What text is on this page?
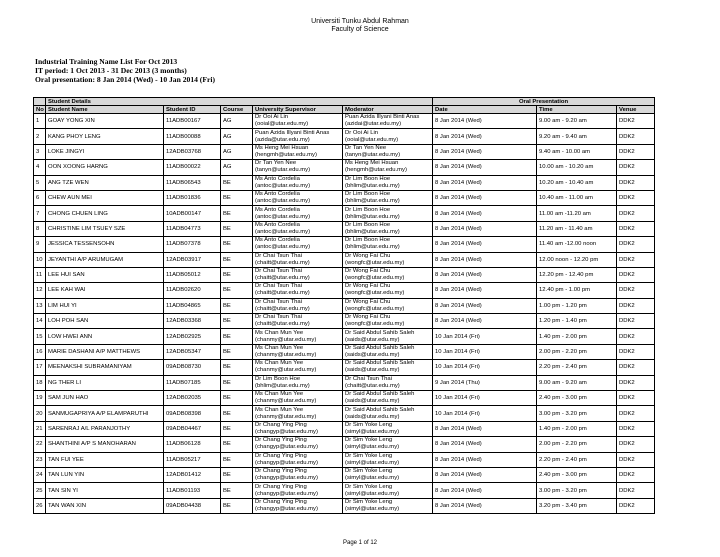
Universiti Tunku Abdul Rahman
Faculty of Science
Industrial Training Name List For Oct 2013
IT period: 1 Oct 2013 - 31 Dec 2013 (3 months)
Oral presentation: 8 Jan 2014 (Wed) - 10 Jan 2014 (Fri)
	Student Details					Oral Presentation		
No	Student Name	Student ID	Course	University Supervisor	Moderator	Date	Time	Venue
1	GOAY YONG XIN	11ADB00167	AG	Dr Ooi Ai Lin
(ooial@utar.edu.my)	Puan Azida Illyani Binti Anas
(azidai@utar.edu.my)	8 Jan 2014 (Wed)	9.00 am - 9.20 am	DDK2
2	KANG PHOY LENG	11ADB00088	AG	Puan Azida Illyani Binti Anas
(azida@utar.edu.my)	Dr Ooi Ai Lin
(ooial@utar.edu.my)	8 Jan 2014 (Wed)	9.20 am - 9.40 am	DDK2
3	LOKE JINGYI	12ADB03768	AG	Ms Heng Mei Hsuan
(hengmh@utar.edu.my)	Dr Tan Yen Nee
(tanyn@utar.edu.my)	8 Jan 2014 (Wed)	9.40 am - 10.00 am	DDK2
4	OON XOONG HARNG	11ADB00022	AG	Dr Tan Yen Nee
(tanyn@utar.edu.my)	Ms Heng Mei Hsuan
(hengmh@utar.edu.my)	8 Jan 2014 (Wed)	10.00 am - 10.20 am	DDK2
5	ANG TZE WEN	11ADB06543	BE	Ms Anto Cordelia
(antoc@utar.edu.my)	Dr Lim Boon Hoe
(bhlim@utar.edu.my)	8 Jan 2014 (Wed)	10.20 am - 10.40 am	DDK2
6	CHEW AUN MEI	11ADB01836	BE	Ms Anto Cordelia
(antoc@utar.edu.my)	Dr Lim Boon Hoe
(bhlim@utar.edu.my)	8 Jan 2014 (Wed)	10.40 am - 11.00 am	DDK2
7	CHONG CHUEN LING	10ADB00147	BE	Ms Anto Cordelia
(antoc@utar.edu.my)	Dr Lim Boon Hoe
(bhlim@utar.edu.my)	8 Jan 2014 (Wed)	11.00 am -11.20 am	DDK2
8	CHRISTINE LIM TSUEY SZE	11ADB04773	BE	Ms Anto Cordelia
(antoc@utar.edu.my)	Dr Lim Boon Hoe
(bhlim@utar.edu.my)	8 Jan 2014 (Wed)	11.20 am - 11.40 am	DDK2
9	JESSICA TESSENSOHN	11ADB07378	BE	Ms Anto Cordelia
(antoc@utar.edu.my)	Dr Lim Boon Hoe
(bhlim@utar.edu.my)	8 Jan 2014 (Wed)	11.40 am -12.00 noon	DDK2
10	JEYANTHI A/P ARUMUGAM	12ADB03917	BE	Dr Chai Tsun Thai
(chaitt@utar.edu.my)	Dr Wong Fai Chu
(wongfc@utar.edu.my)	8 Jan 2014 (Wed)	12.00 noon - 12.20 pm	DDK2
11	LEE HUI SAN	11ADB05012	BE	Dr Chai Tsun Thai
(chaitt@utar.edu.my)	Dr Wong Fai Chu
(wongfc@utar.edu.my)	8 Jan 2014 (Wed)	12.20 pm - 12.40 pm	DDK2
12	LEE KAH WAI	11ADB02620	BE	Dr Chai Tsun Thai
(chaitt@utar.edu.my)	Dr Wong Fai Chu
(wongfc@utar.edu.my)	8 Jan 2014 (Wed)	12.40 pm - 1.00 pm	DDK2
13	LIM HUI YI	11ADB04865	BE	Dr Chai Tsun Thai
(chaitt@utar.edu.my)	Dr Wong Fai Chu
(wongfc@utar.edu.my)	8 Jan 2014 (Wed)	1.00 pm - 1.20 pm	DDK2
14	LOH POH SAN	12ADB03368	BE	Dr Chai Tsun Thai
(chaitt@utar.edu.my)	Dr Wong Fai Chu
(wongfc@utar.edu.my)	8 Jan 2014 (Wed)	1.20 pm - 1.40 pm	DDK2
15	LOW HWEI ANN	12ADB02925	BE	Ms Chan Mun Yee
(chanmy@utar.edu.my)	Dr Said Abdul Sahib Saleh
(saids@utar.edu.my)	10 Jan 2014 (Fri)	1.40 pm - 2.00 pm	DDK2
16	MARIE DASHANI A/P MATTHEWS	12ADB05347	BE	Ms Chan Mun Yee
(chanmy@utar.edu.my)	Dr Said Abdul Sahib Saleh
(saids@utar.edu.my)	10 Jan 2014 (Fri)	2.00 pm - 2.20 pm	DDK2
17	MEENAKSHI SUBRAMANIYAM	09ADB08730	BE	Ms Chan Mun Yee
(chanmy@utar.edu.my)	Dr Said Abdul Sahib Saleh
(saids@utar.edu.my)	10 Jan 2014 (Fri)	2.20 pm - 2.40 pm	DDK2
18	NG THER LI	11ADB07185	BE	Dr Lim Boon Hoe
(bhlim@utar.edu.my)	Dr Chai Tsun Thai
(chaitt@utar.edu.my)	9 Jan 2014 (Thu)	9.00 am - 9.20 am	DDK2
19	SAM JUN HAO	12ADB02035	BE	Ms Chan Mun Yee
(chanmy@utar.edu.my)	Dr Said Abdul Sahib Saleh
(saids@utar.edu.my)	10 Jan 2014 (Fri)	2.40 pm - 3.00 pm	DDK2
20	SANMUGAPRIYA A/P ELAMPARUTHI	09ADB08398	BE	Ms Chan Mun Yee
(chanmy@utar.edu.my)	Dr Said Abdul Sahib Saleh
(saids@utar.edu.my)	10 Jan 2014 (Fri)	3.00 pm - 3.20 pm	DDK2
21	SARENRAJ A/L PARANJOTHY	09ADB04467	BE	Dr Chang Ying Ping
(changyp@utar.edu.my)	Dr Sim Yoke Leng
(simyl@utar.edu.my)	8 Jan 2014 (Wed)	1.40 pm - 2.00 pm	DDK2
22	SHANTHINI A/P S MANOHARAN	11ADB06128	BE	Dr Chang Ying Ping
(changyp@utar.edu.my)	Dr Sim Yoke Leng
(simyl@utar.edu.my)	8 Jan 2014 (Wed)	2.00 pm - 2.20 pm	DDK2
23	TAN FUI YEE	11ADB05217	BE	Dr Chang Ying Ping
(changyp@utar.edu.my)	Dr Sim Yoke Leng
(simyl@utar.edu.my)	8 Jan 2014 (Wed)	2.20 pm - 2.40 pm	DDK2
24	TAN LUN YIN	12ADB01412	BE	Dr Chang Ying Ping
(changyp@utar.edu.my)	Dr Sim Yoke Leng
(simyl@utar.edu.my)	8 Jan 2014 (Wed)	2.40 pm - 3.00 pm	DDK2
25	TAN SIN YI	11ADB01193	BE	Dr Chang Ying Ping
(changyp@utar.edu.my)	Dr Sim Yoke Leng
(simyl@utar.edu.my)	8 Jan 2014 (Wed)	3.00 pm - 3.20 pm	DDK2
26	TAN WAN XIN	09ADB04438	BE	Dr Chang Ying Ping
(changyp@utar.edu.my)	Dr Sim Yoke Leng
(simyl@utar.edu.my)	8 Jan 2014 (Wed)	3.20 pm - 3.40 pm	DDK2
Page 1 of 12
